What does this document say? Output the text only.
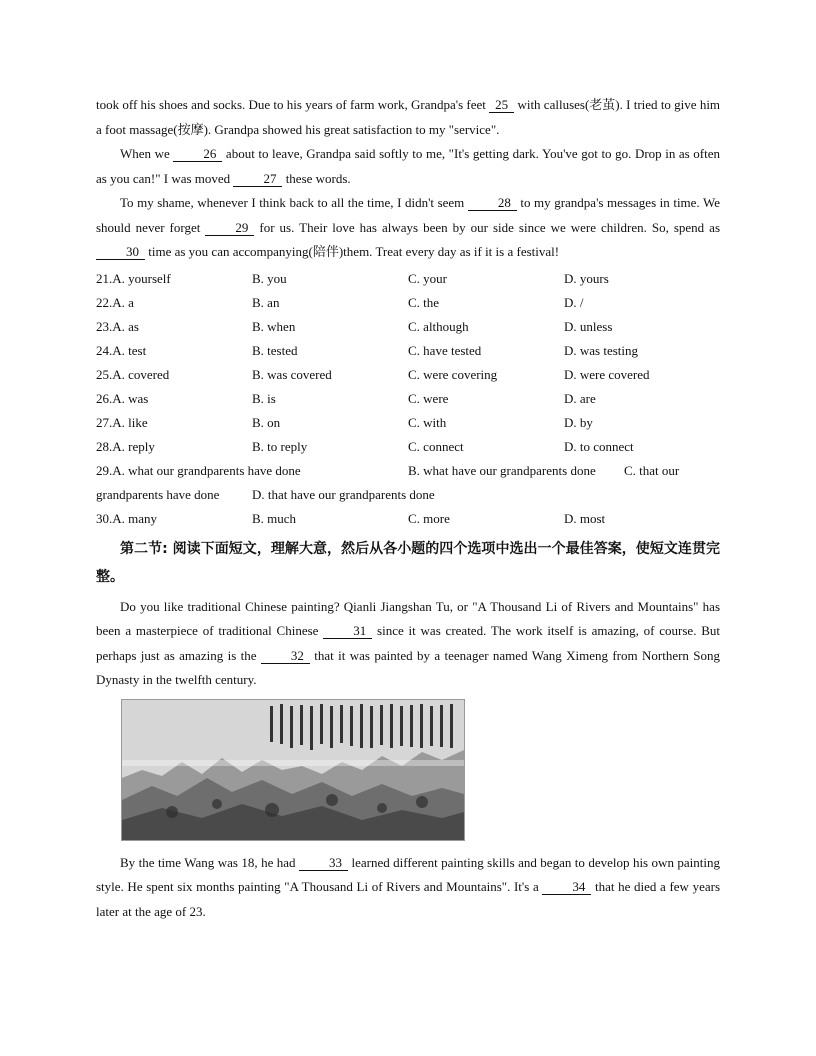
took off his shoes and socks. Due to his years of farm work, Grandpa's feet 25 with calluses(老茧). I tried to give him a foot massage(按摩). Grandpa showed his great satisfaction to my "service".

When we	26 about to leave, Grandpa said softly to me, "It's getting dark. You've got to go. Drop in as often as you can!" I was moved	27 these words.

To my shame, whenever I think back to all the time, I didn't seem	28 to my grandpa's messages in time. We should never forget	29 for us. Their love has always been by our side since we were children. So, spend as 30 time as you can accompanying(陪伴)them. Treat every day as if it is a festival!

21.A. yourself	B. you	C. your	D. yours
22.A. a	B. an	C. the	D. /
23.A. as	B. when	C. although	D. unless
24.A. test	B. tested	C. have tested	D. was testing
25.A. covered	B. was covered	C. were covering	D. were covered
26.A. was	B. is	C. were	D. are
27.A. like	B. on	C. with	D. by
28.A. reply	B. to reply	C. connect	D. to connect
29.A. what our grandparents have done	B. what have our grandparents done	C. that our
grandparents have done	D. that have our grandparents done
30.A. many	B. much	C. more	D. most

第二节: 阅读下面短文，理解大意，然后从各小题的四个选项中选出一个最佳答案，使短文连贯完整。

Do you like traditional Chinese painting? Qianli Jiangshan Tu, or "A Thousand Li of Rivers and Mountains" has been a masterpiece of traditional Chinese	31 since it was created. The work itself is amazing, of course. But perhaps just as amazing is the	32 that it was painted by a teenager named Wang Ximeng from Northern Song Dynasty in the twelfth century.

By the time Wang was 18, he had	33 learned different painting skills and began to develop his own painting style. He spent six months painting "A Thousand Li of Rivers and Mountains". It's a	34 that he died a few years later at the age of 23.
